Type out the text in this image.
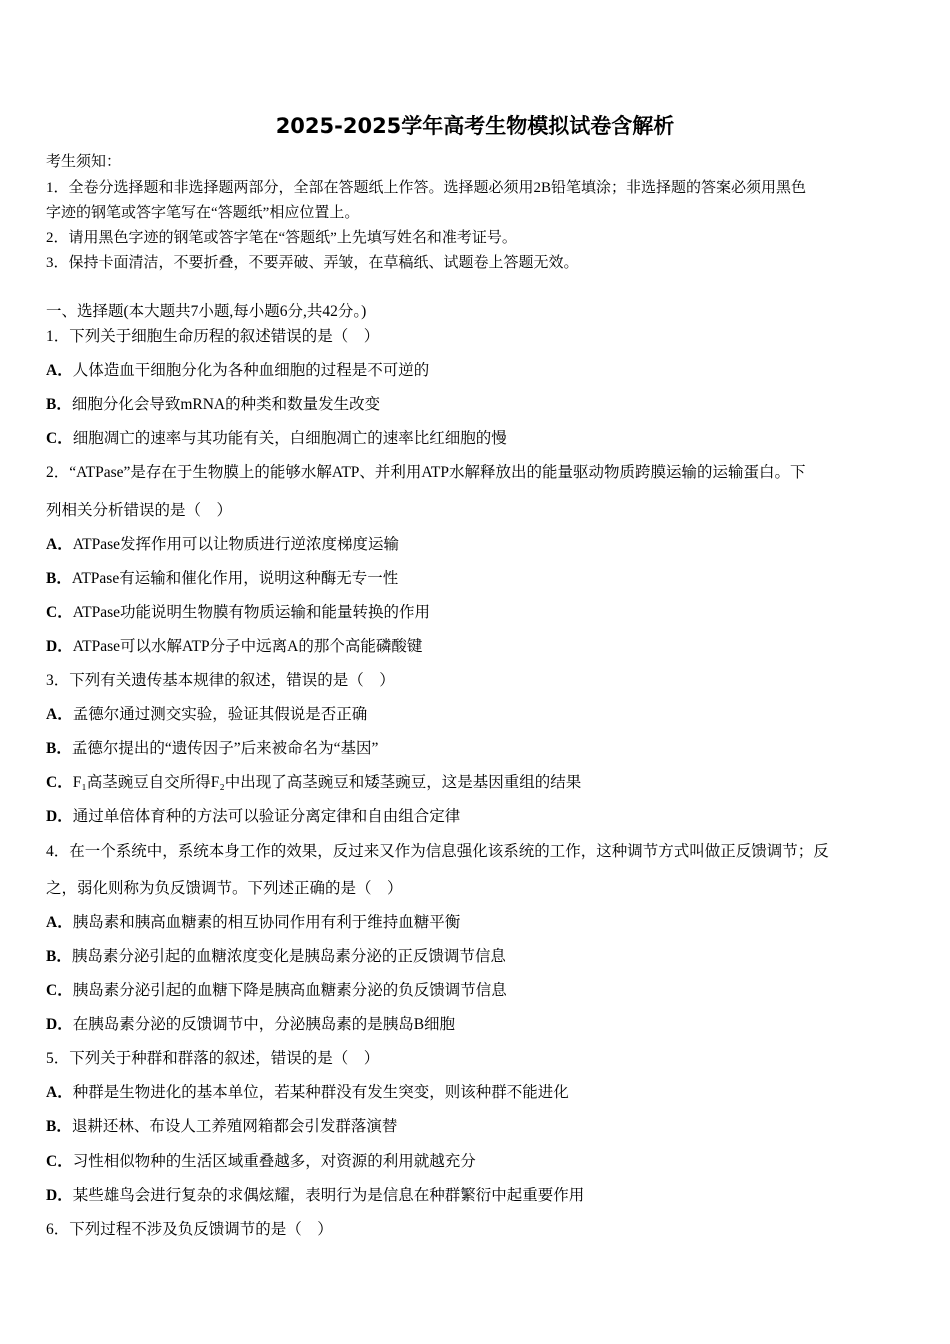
2025-2025学年高考生物模拟试卷含解析
考生须知：
1．全卷分选择题和非选择题两部分，全部在答题纸上作答。选择题必须用2B铅笔填涂；非选择题的答案必须用黑色
字迹的钢笔或答字笔写在“答题纸”相应位置上。
2．请用黑色字迹的钢笔或答字笔在“答题纸”上先填写姓名和准考证号。
3．保持卡面清洁，不要折叠，不要弄破、弄皱，在草稿纸、试题卷上答题无效。
一、选择题(本大题共7小题,每小题6分,共42分。)
1．下列关于细胞生命历程的叙述错误的是（　）
A．人体造血干细胞分化为各种血细胞的过程是不可逆的
B．细胞分化会导致mRNA的种类和数量发生改变
C．细胞凋亡的速率与其功能有关，白细胞凋亡的速率比红细胞的慢
2．“ATPase”是存在于生物膜上的能够水解ATP、并利用ATP水解释放出的能量驱动物质跨膜运输的运输蛋白。下
列相关分析错误的是（　）
A．ATPase发挥作用可以让物质进行逆浓度梯度运输
B．ATPase有运输和催化作用，说明这种酶无专一性
C．ATPase功能说明生物膜有物质运输和能量转换的作用
D．ATPase可以水解ATP分子中远离A的那个高能磷酸键
3．下列有关遗传基本规律的叙述，错误的是（　）
A．孟德尔通过测交实验，验证其假说是否正确
B．孟德尔提出的“遗传因子”后来被命名为“基因”
C．F₁高茎豌豆自交所得F₂中出现了高茎豌豆和矮茎豌豆，这是基因重组的结果
D．通过单倍体育种的方法可以验证分离定律和自由组合定律
4．在一个系统中，系统本身工作的效果，反过来又作为信息强化该系统的工作，这种调节方式叫做正反馈调节；反
之，弱化则称为负反馈调节。下列述正确的是（　）
A．胰岛素和胰高血糖素的相互协同作用有利于维持血糖平衡
B．胰岛素分泌引起的血糖浓度变化是胰岛素分泌的正反馈调节信息
C．胰岛素分泌引起的血糖下降是胰高血糖素分泌的负反馈调节信息
D．在胰岛素分泌的反馈调节中，分泌胰岛素的是胰岛B细胞
5．下列关于种群和群落的叙述，错误的是（　）
A．种群是生物进化的基本单位，若某种群没有发生突变，则该种群不能进化
B．退耕还林、布设人工养殖网箱都会引发群落演替
C．习性相似物种的生活区域重叠越多，对资源的利用就越充分
D．某些雄鸟会进行复杂的求偶炫耀，表明行为是信息在种群繁衍中起重要作用
6．下列过程不涉及负反馈调节的是（　）
